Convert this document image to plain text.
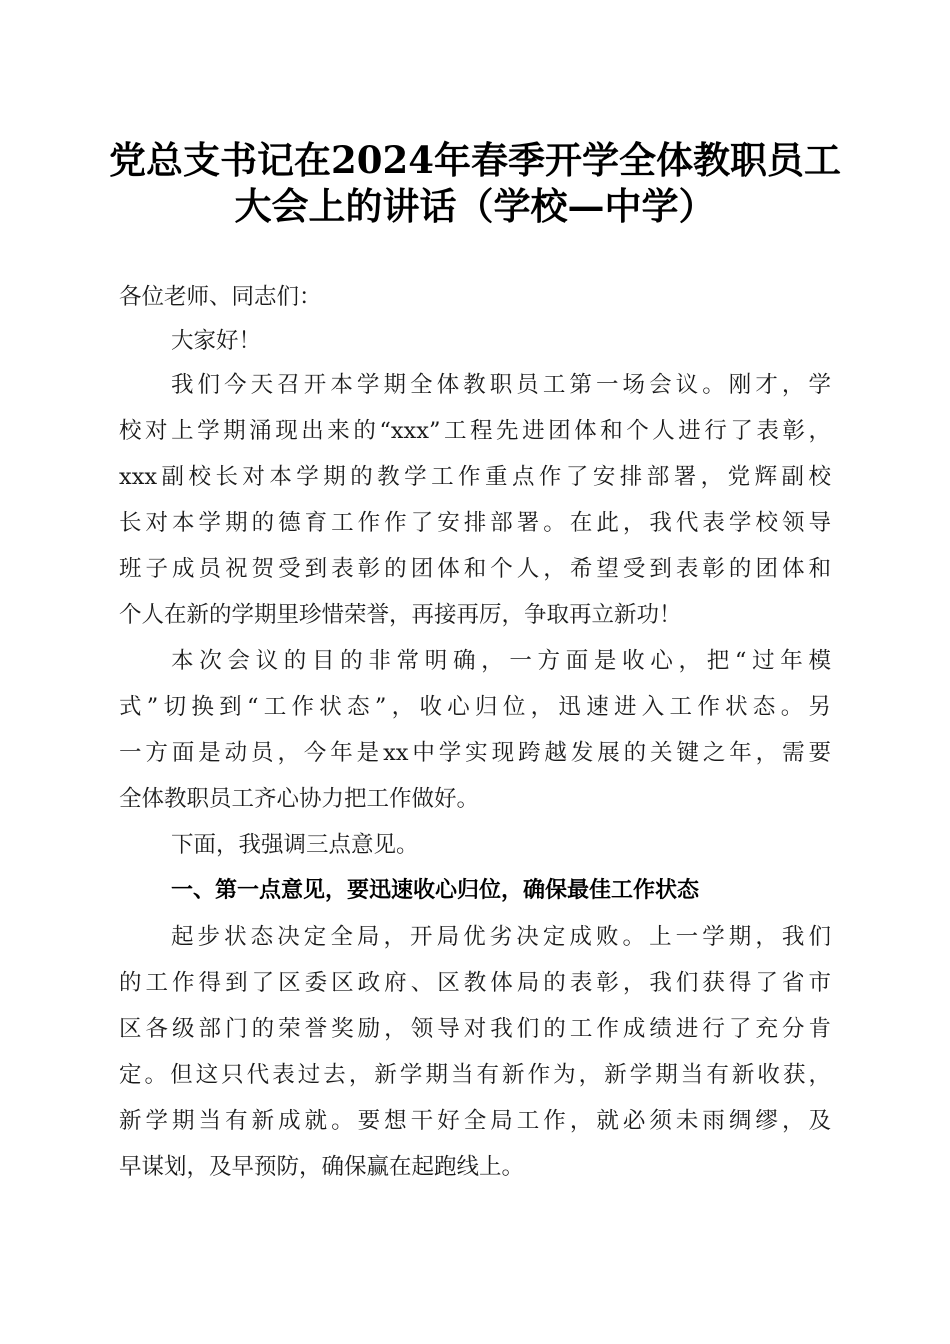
党总支书记在2024年春季开学全体教职员工
大会上的讲话（学校—中学）
各位老师、同志们：
大家好！
我们今天召开本学期全体教职员工第一场会议。刚才，学
校对上学期涌现出来的“xxx”工程先进团体和个人进行了表彰，
xxx副校长对本学期的教学工作重点作了安排部署，党辉副校
长对本学期的德育工作作了安排部署。在此，我代表学校领导
班子成员祝贺受到表彰的团体和个人，希望受到表彰的团体和
个人在新的学期里珍惜荣誉，再接再厉，争取再立新功！
本次会议的目的非常明确，一方面是收心，把“过年模
式”切换到“工作状态”，收心归位，迅速进入工作状态。另
一方面是动员，今年是xx中学实现跨越发展的关键之年，需要
全体教职员工齐心协力把工作做好。
下面，我强调三点意见。
一、第一点意见，要迅速收心归位，确保最佳工作状态
起步状态决定全局，开局优劣决定成败。上一学期，我们
的工作得到了区委区政府、区教体局的表彰，我们获得了省市
区各级部门的荣誉奖励，领导对我们的工作成绩进行了充分肯
定。但这只代表过去，新学期当有新作为，新学期当有新收获，
新学期当有新成就。要想干好全局工作，就必须未雨绸缪，及
早谋划，及早预防，确保赢在起跑线上。
